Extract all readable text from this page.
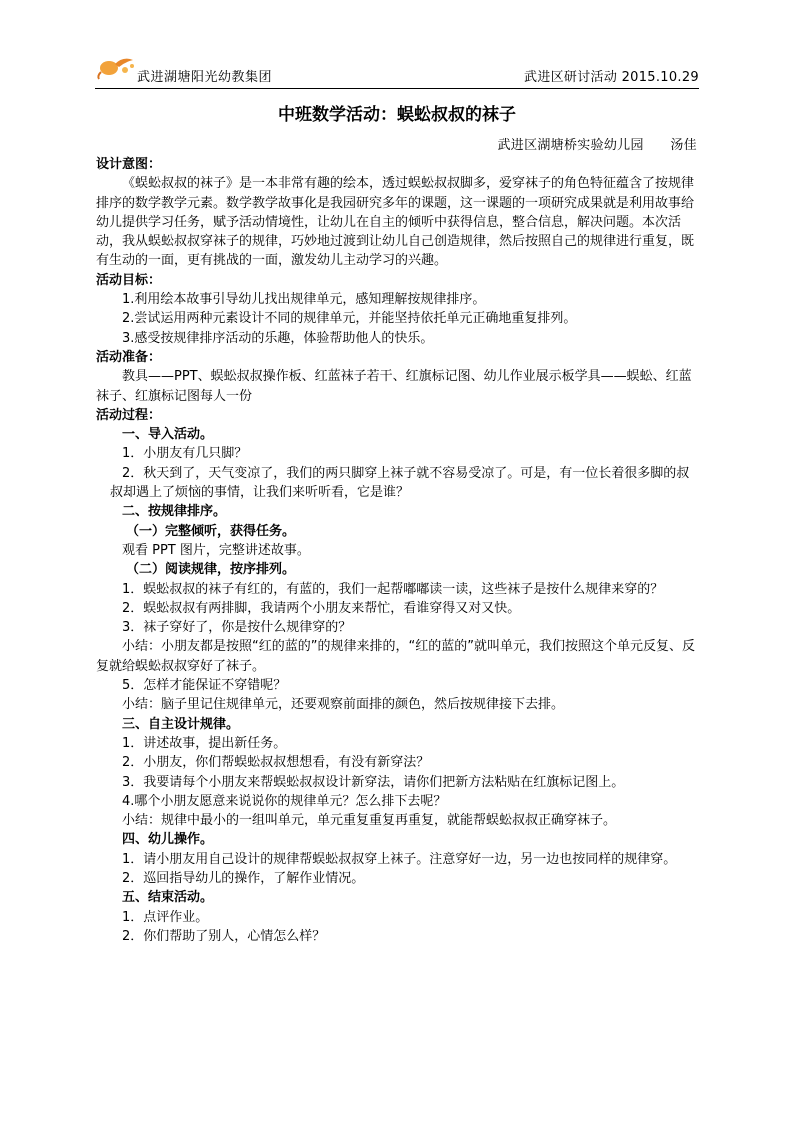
武进湖塘阳光幼教集团	武进区研讨活动 2015.10.29
中班数学活动：蜈蚣叔叔的袜子
武进区湖塘桥实验幼儿园　　汤佳

设计意图：

《蜈蚣叔叔的袜子》是一本非常有趣的绘本，透过蜈蚣叔叔脚多，爱穿袜子的角色特征蕴含了按规律排序的数学教学元素。数学教学故事化是我园研究多年的课题，这一课题的一项研究成果就是利用故事给幼儿提供学习任务，赋予活动情境性，让幼儿在自主的倾听中获得信息，整合信息，解决问题。本次活动，我从蜈蚣叔叔穿袜子的规律，巧妙地过渡到让幼儿自己创造规律，然后按照自己的规律进行重复，既有生动的一面，更有挑战的一面，激发幼儿主动学习的兴趣。

活动目标：

1.利用绘本故事引导幼儿找出规律单元，感知理解按规律排序。

2.尝试运用两种元素设计不同的规律单元，并能坚持依托单元正确地重复排列。

3.感受按规律排序活动的乐趣，体验帮助他人的快乐。

活动准备：

教具——PPT、蜈蚣叔叔操作板、红蓝袜子若干、红旗标记图、幼儿作业展示板学具——蜈蚣、红蓝袜子、红旗标记图每人一份

活动过程：

一、导入活动。

1．小朋友有几只脚？

2．秋天到了，天气变凉了，我们的两只脚穿上袜子就不容易受凉了。可是，有一位长着很多脚的叔叔却遇上了烦恼的事情，让我们来听听看，它是谁？

二、按规律排序。

（一）完整倾听，获得任务。

观看 PPT 图片，完整讲述故事。

（二）阅读规律，按序排列。

1．蜈蚣叔叔的袜子有红的，有蓝的，我们一起帮嘟嘟读一读，这些袜子是按什么规律来穿的？

2．蜈蚣叔叔有两排脚，我请两个小朋友来帮忙，看谁穿得又对又快。

3．袜子穿好了，你是按什么规律穿的？

小结：小朋友都是按照“红的蓝的”的规律来排的，“红的蓝的”就叫单元，我们按照这个单元反复、反复就给蜈蚣叔叔穿好了袜子。

5．怎样才能保证不穿错呢？

小结：脑子里记住规律单元，还要观察前面排的颜色，然后按规律接下去排。

三、自主设计规律。

1．讲述故事，提出新任务。

2．小朋友，你们帮蜈蚣叔叔想想看，有没有新穿法？

3．我要请每个小朋友来帮蜈蚣叔叔设计新穿法，请你们把新方法粘贴在红旗标记图上。

4.哪个小朋友愿意来说说你的规律单元？怎么排下去呢？

小结：规律中最小的一组叫单元，单元重复重复再重复，就能帮蜈蚣叔叔正确穿袜子。

四、幼儿操作。

1．请小朋友用自己设计的规律帮蜈蚣叔叔穿上袜子。注意穿好一边，另一边也按同样的规律穿。

2．巡回指导幼儿的操作，了解作业情况。

五、结束活动。

1．点评作业。

2．你们帮助了别人，心情怎么样？
